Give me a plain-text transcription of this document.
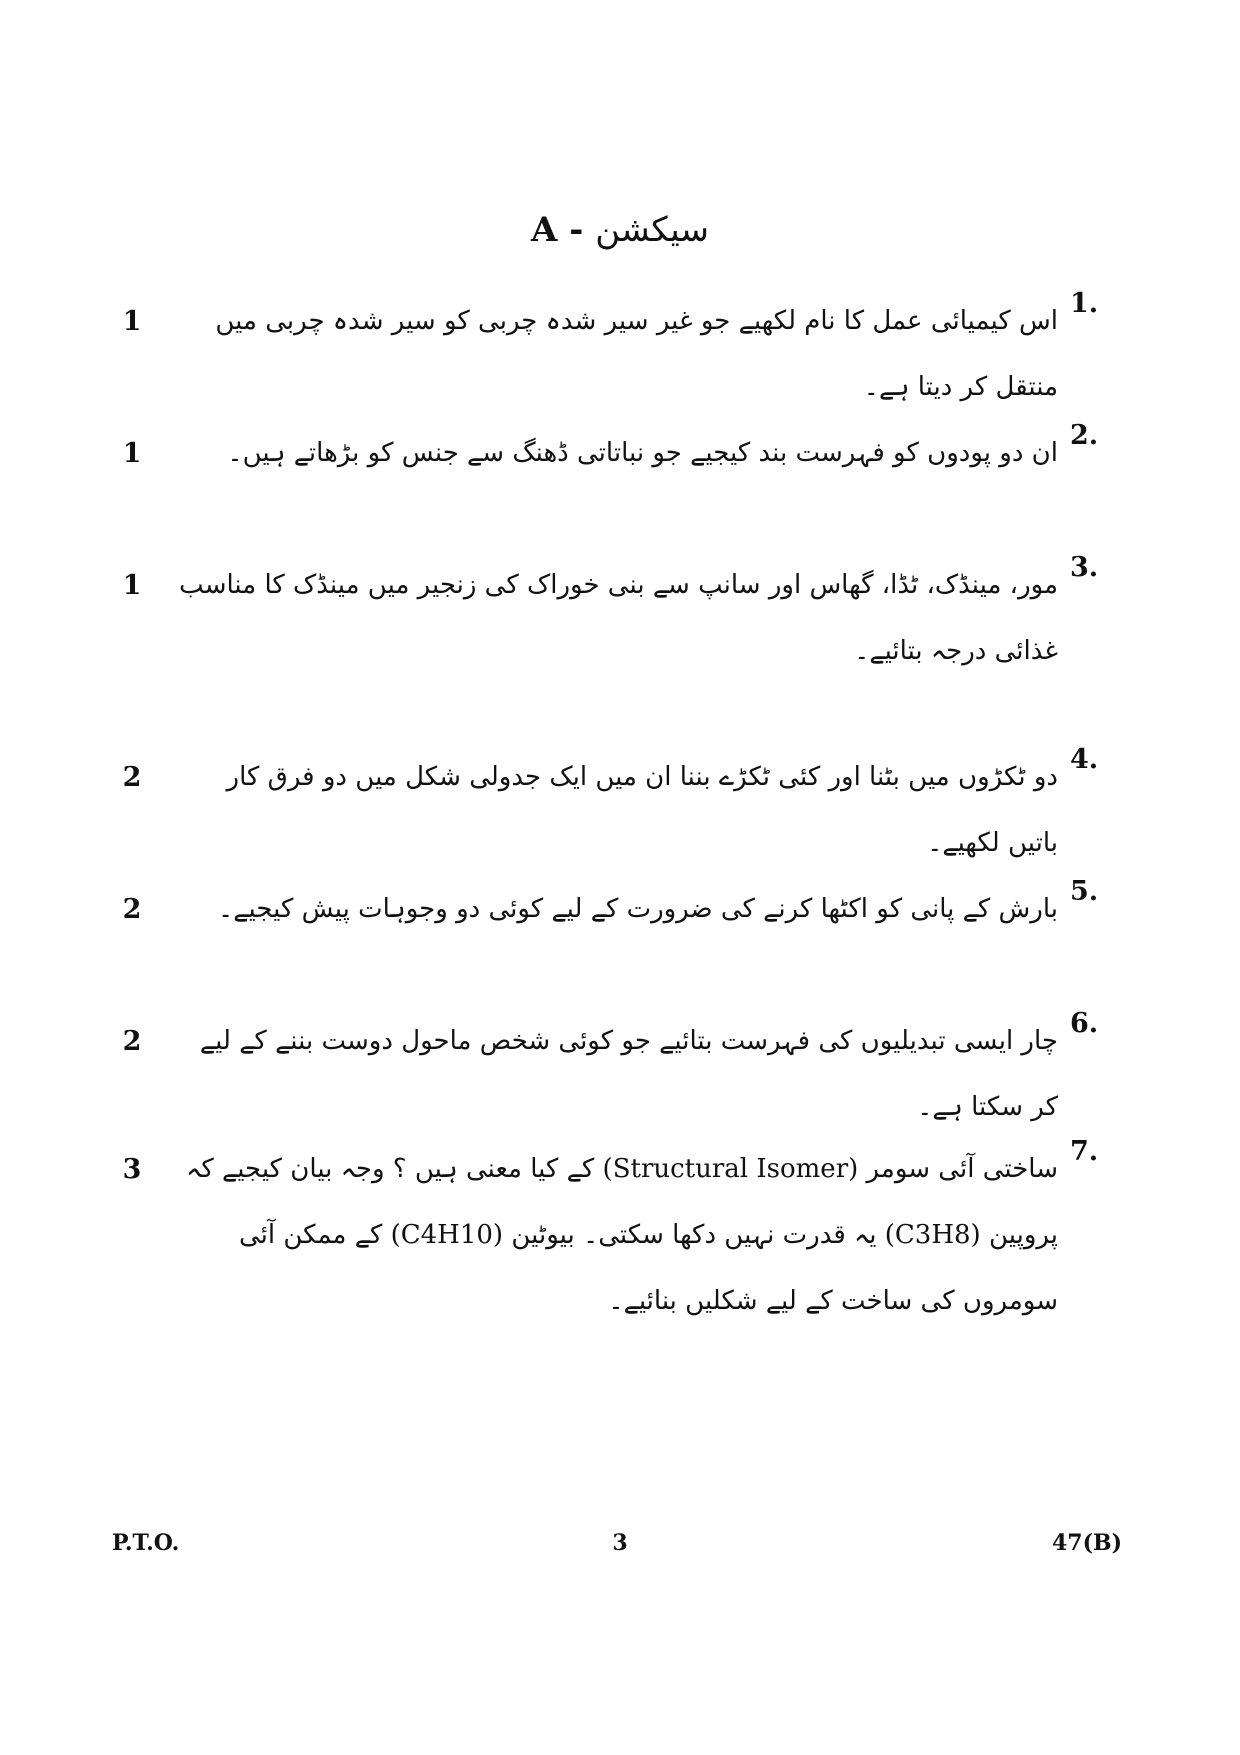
A - سیکشن
1.
اس کیمیائی عمل کا نام لکھیے جو غیر سیر شدہ چربی کو سیر شدہ چربی میں منتقل کر دیتا ہے۔
1
2.
ان دو پودوں کو فہرست بند کیجیے جو نباتاتی ڈھنگ سے جنس کو بڑھاتے ہیں۔
1
3.
مور، مینڈک، ٹڈا، گھاس اور سانپ سے بنی خوراک کی زنجیر میں مینڈک کا مناسب غذائی درجہ بتائیے۔
1
4.
دو ٹکڑوں میں بٹنا اور کئی ٹکڑے بننا ان میں ایک جدولی شکل میں دو فرق کار باتیں لکھیے۔
2
5.
بارش کے پانی کو اکٹھا کرنے کی ضرورت کے لیے کوئی دو وجوہات پیش کیجیے۔
2
6.
چار ایسی تبدیلیوں کی فہرست بتائیے جو کوئی شخص ماحول دوست بننے کے لیے کر سکتا ہے۔
2
7.
ساختی آئی سومر (Structural Isomer) کے کیا معنی ہیں ؟ وجہ بیان کیجیے کہ پروپین (C3H8) یہ قدرت نہیں دکھا سکتی۔ بیوٹین (C4H10) کے ممکن آئی سومروں کی ساخت کے لیے شکلیں بنائیے۔
3
P.T.O.	3	47(B)
